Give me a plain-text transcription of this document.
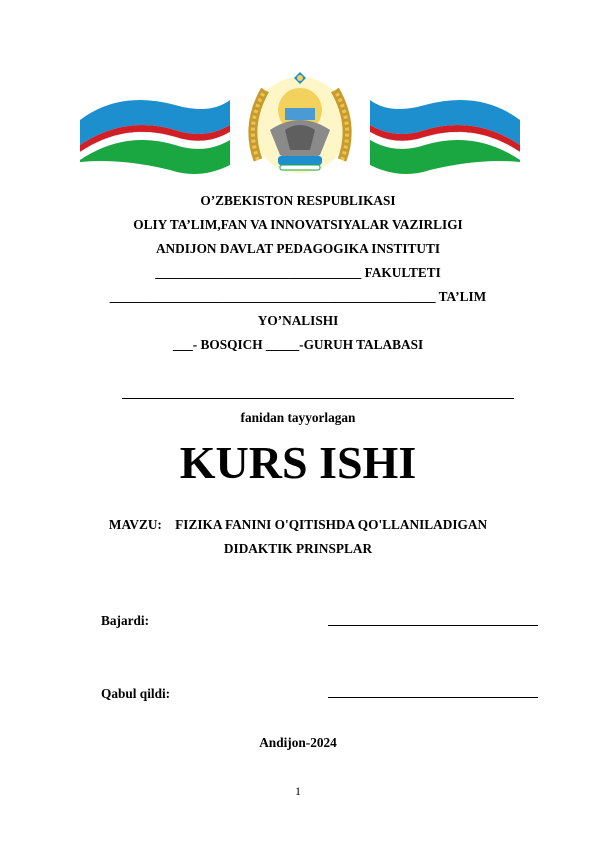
O’ZBEKISTON RESPUBLIKASI
OLIY TA’LIM,FAN VA INNOVATSIYALAR VAZIRLIGI
ANDIJON DAVLAT PEDAGOGIKA INSTITUTI
_______________________________ FAKULTETI
_________________________________________________ TA’LIM
YO’NALISHI
___- BOSQICH _____-GURUH TALABASI
fanidan tayyorlagan
KURS ISHI
MAVZU:    FIZIKA FANINI O'QITISHDA QO'LLANILADIGAN
DIDAKTIK PRINSPLAR
Bajardi:
Qabul qildi:
Andijon-2024
1
